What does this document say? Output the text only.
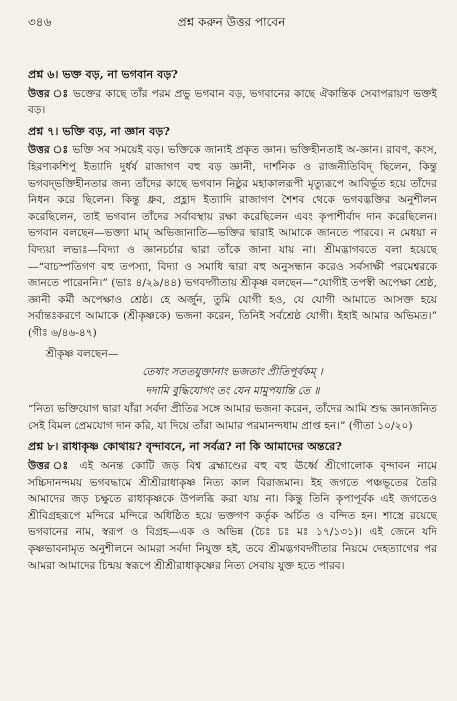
৩৪৬	প্রশ্ন করুন উত্তর পাবেন
প্রশ্ন ৬। ভক্ত বড়, না ভগবান বড়?

উত্তর ঃ ভক্তের কাছে তাঁর পরম প্রভু ভগবান বড়, ভগবানের কাছে ঐকান্তিক সেবাপরায়ণ ভক্তই বড়।

প্রশ্ন ৭। ভক্তি বড়, না জ্ঞান বড়?

উত্তর ঃ ভক্তি সব সময়েই বড়। ভক্তিকে জানাই প্রকৃত জ্ঞান। ভক্তিহীনতাই অ-জ্ঞান। রাবণ, কংস, হিরণ্যকশিপু ইত্যাদি দুর্ধর্ষ রাজাগণ বহু বড় জ্ঞানী, দার্শনিক ও রাজনীতিবিদ্ ছিলেন, কিন্তু ভগবদ্‌ভক্তিহীনতার জন্য তাঁদের কাছে ভগবান নিষ্ঠুর মহাকালরূপী মৃত্যুরূপে আবির্ভূত হয়ে তাঁদের নিধন করে ছিলেন। কিন্তু ধ্রুব, প্রহ্লাদ ইত্যাদি রাজাগণ শৈশব থেকে ভগবদ্ভক্তির অনুশীলন করেছিলেন, তাই ভগবান তাঁদের সর্বাবস্থায় রক্ষা করেছিলেন এবং কৃপাশীর্বাদ দান করেছিলেন। ভগবান বলছেন—ভক্ত্যা মাম্ অভিজানাতি—ভক্তির দ্বারাই আমাকে জানতে পারবে। ন মেধয়া ন বিদ্যয়া লভ্যঃ—বিদ্যা ও জ্ঞানচর্চার দ্বারা তাঁকে জানা যায় না। শ্রীমদ্ভাগবতে বলা হয়েছে—“বাচস্পতিগণ বহু তপস্যা, বিদ্যা ও সমাধি দ্বারা বহু অনুসন্ধান করেও সর্বসাক্ষী পরমেশ্বরকে জানতে পারেননি।” (ভাঃ ৪/২৯/৪৪) ভগবদ্গীতায় শ্রীকৃষ্ণ বলছেন—“যোগীই তপস্বী অপেক্ষা শ্রেষ্ঠ, জ্ঞানী কর্মী অপেক্ষাও শ্রেষ্ঠ। হে অর্জুন, তুমি যোগী হও, যে যোগী আমাতে আসক্ত হয়ে সর্বান্তঃকরণে আমাকে (শ্রীকৃষ্ণকে) ভজনা করেন, তিনিই সর্বশ্রেষ্ঠ যোগী। ইহাই আমার অভিমত।” (গীঃ ৬/৪৬-৪৭)

শ্রীকৃষ্ণ বলছেন—
তেষাং সততযুক্তানাং ভজতাং প্রীতিপূর্বকম্ ।
দদামি বুদ্ধিযোগং তং যেন মামুপযান্তি তে ॥

“নিত্য ভক্তিযোগ দ্বারা যাঁরা সর্বদা প্রীতির সঙ্গে আমার ভজনা করেন, তাঁদের আমি শুদ্ধ জ্ঞানজনিত সেই বিমল প্রেমযোগ দান করি, যা দিয়ে তাঁরা আমার পরমানন্দধাম প্রাপ্ত হন।” (গীতা ১০/২০)

প্রশ্ন ৮। রাধাকৃষ্ণ কোথায়? বৃন্দাবনে, না সর্বত্র? না কি আমাদের অন্তরে?

উত্তর ঃ এই অনন্ত কোটি জড় বিশ্ব ব্রহ্মাণ্ডের বহু বহু ঊর্ধ্বে শ্রীগোলোক বৃন্দাবন নামে সচ্চিদানন্দময় ভগবদ্ধামে শ্রীশ্রীরাধাকৃষ্ণ নিত্য কাল বিরাজমান। ইহ জগতে পঞ্চভূতের তৈরি আমাদের জড় চক্ষুতে রাধাকৃষ্ণকে উপলব্ধি করা যায় না। কিন্তু তিনি কৃপাপূর্বক এই জগতেও শ্রীবিগ্রহরূপে মন্দিরে মন্দিরে অধিষ্ঠিত হয়ে ভক্তগণ কর্তৃক অর্চিত ও বন্দিত হন। শাস্ত্রে রয়েছে ভগবানের নাম, স্বরূপ ও বিগ্রহ—এক ও অভিন্ন (চৈঃ চঃ মঃ ১৭/১৩১)। এই জেনে যদি কৃষ্ণভাবনামৃত অনুশীলনে আমরা সর্বদা নিযুক্ত হই, তবে শ্রীমদ্ভগবদ্গীতার নিয়মে দেহত্যাগের পর আমরা আমাদের চিন্ময় স্বরূপে শ্রীশ্রীরাধাকৃষ্ণের নিত্য সেবায় যুক্ত হতে পারব।
